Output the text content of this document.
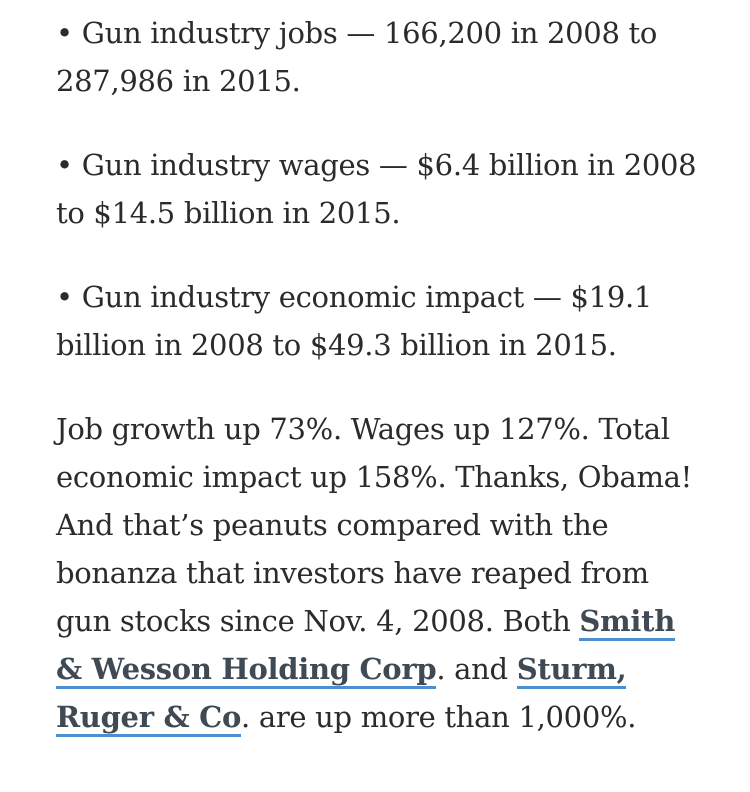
• Gun industry jobs — 166,200 in 2008 to 287,986 in 2015.

• Gun industry wages — $6.4 billion in 2008 to $14.5 billion in 2015.

• Gun industry economic impact — $19.1 billion in 2008 to $49.3 billion in 2015.

Job growth up 73%. Wages up 127%. Total economic impact up 158%. Thanks, Obama! And that’s peanuts compared with the bonanza that investors have reaped from gun stocks since Nov. 4, 2008. Both Smith & Wesson Holding Corp. and Sturm, Ruger & Co. are up more than 1,000%.
